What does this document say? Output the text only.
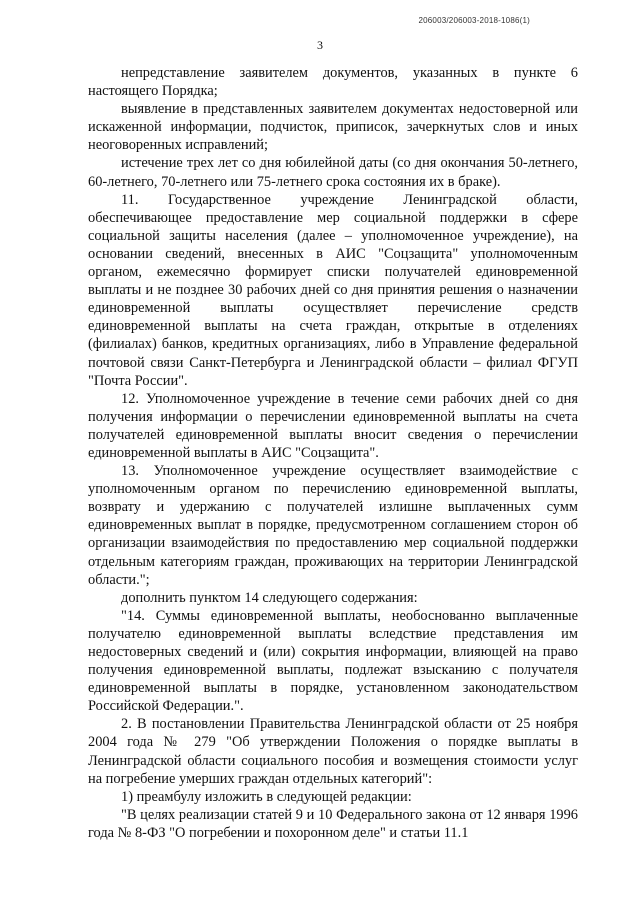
206003/206003-2018-1086(1)
3

непредставление заявителем документов, указанных в пункте 6 настоящего Порядка;

выявление в представленных заявителем документах недостоверной или искаженной информации, подчисток, приписок, зачеркнутых слов и иных неоговоренных исправлений;

истечение трех лет со дня юбилейной даты (со дня окончания 50-летнего, 60-летнего, 70-летнего или 75-летнего срока состояния их в браке).

11. Государственное учреждение Ленинградской области, обеспечивающее предоставление мер социальной поддержки в сфере социальной защиты населения (далее – уполномоченное учреждение), на основании сведений, внесенных в АИС "Соцзащита" уполномоченным органом, ежемесячно формирует списки получателей единовременной выплаты и не позднее 30 рабочих дней со дня принятия решения о назначении единовременной выплаты осуществляет перечисление средств единовременной выплаты на счета граждан, открытые в отделениях (филиалах) банков, кредитных организациях, либо в Управление федеральной почтовой связи Санкт-Петербурга и Ленинградской области – филиал ФГУП "Почта России".

12. Уполномоченное учреждение в течение семи рабочих дней со дня получения информации о перечислении единовременной выплаты на счета получателей единовременной выплаты вносит сведения о перечислении единовременной выплаты в АИС "Соцзащита".

13. Уполномоченное учреждение осуществляет взаимодействие с уполномоченным органом по перечислению единовременной выплаты, возврату и удержанию с получателей излишне выплаченных сумм единовременных выплат в порядке, предусмотренном соглашением сторон об организации взаимодействия по предоставлению мер социальной поддержки отдельным категориям граждан, проживающих на территории Ленинградской области.";

дополнить пунктом 14 следующего содержания:

"14. Суммы единовременной выплаты, необоснованно выплаченные получателю единовременной выплаты вследствие представления им недостоверных сведений и (или) сокрытия информации, влияющей на право получения единовременной выплаты, подлежат взысканию с получателя единовременной выплаты в порядке, установленном законодательством Российской Федерации.".

2. В постановлении Правительства Ленинградской области от 25 ноября 2004 года № 279 "Об утверждении Положения о порядке выплаты в Ленинградской области социального пособия и возмещения стоимости услуг на погребение умерших граждан отдельных категорий":

1) преамбулу изложить в следующей редакции:

"В целях реализации статей 9 и 10 Федерального закона от 12 января 1996 года № 8-ФЗ "О погребении и похоронном деле" и статьи 11.1
